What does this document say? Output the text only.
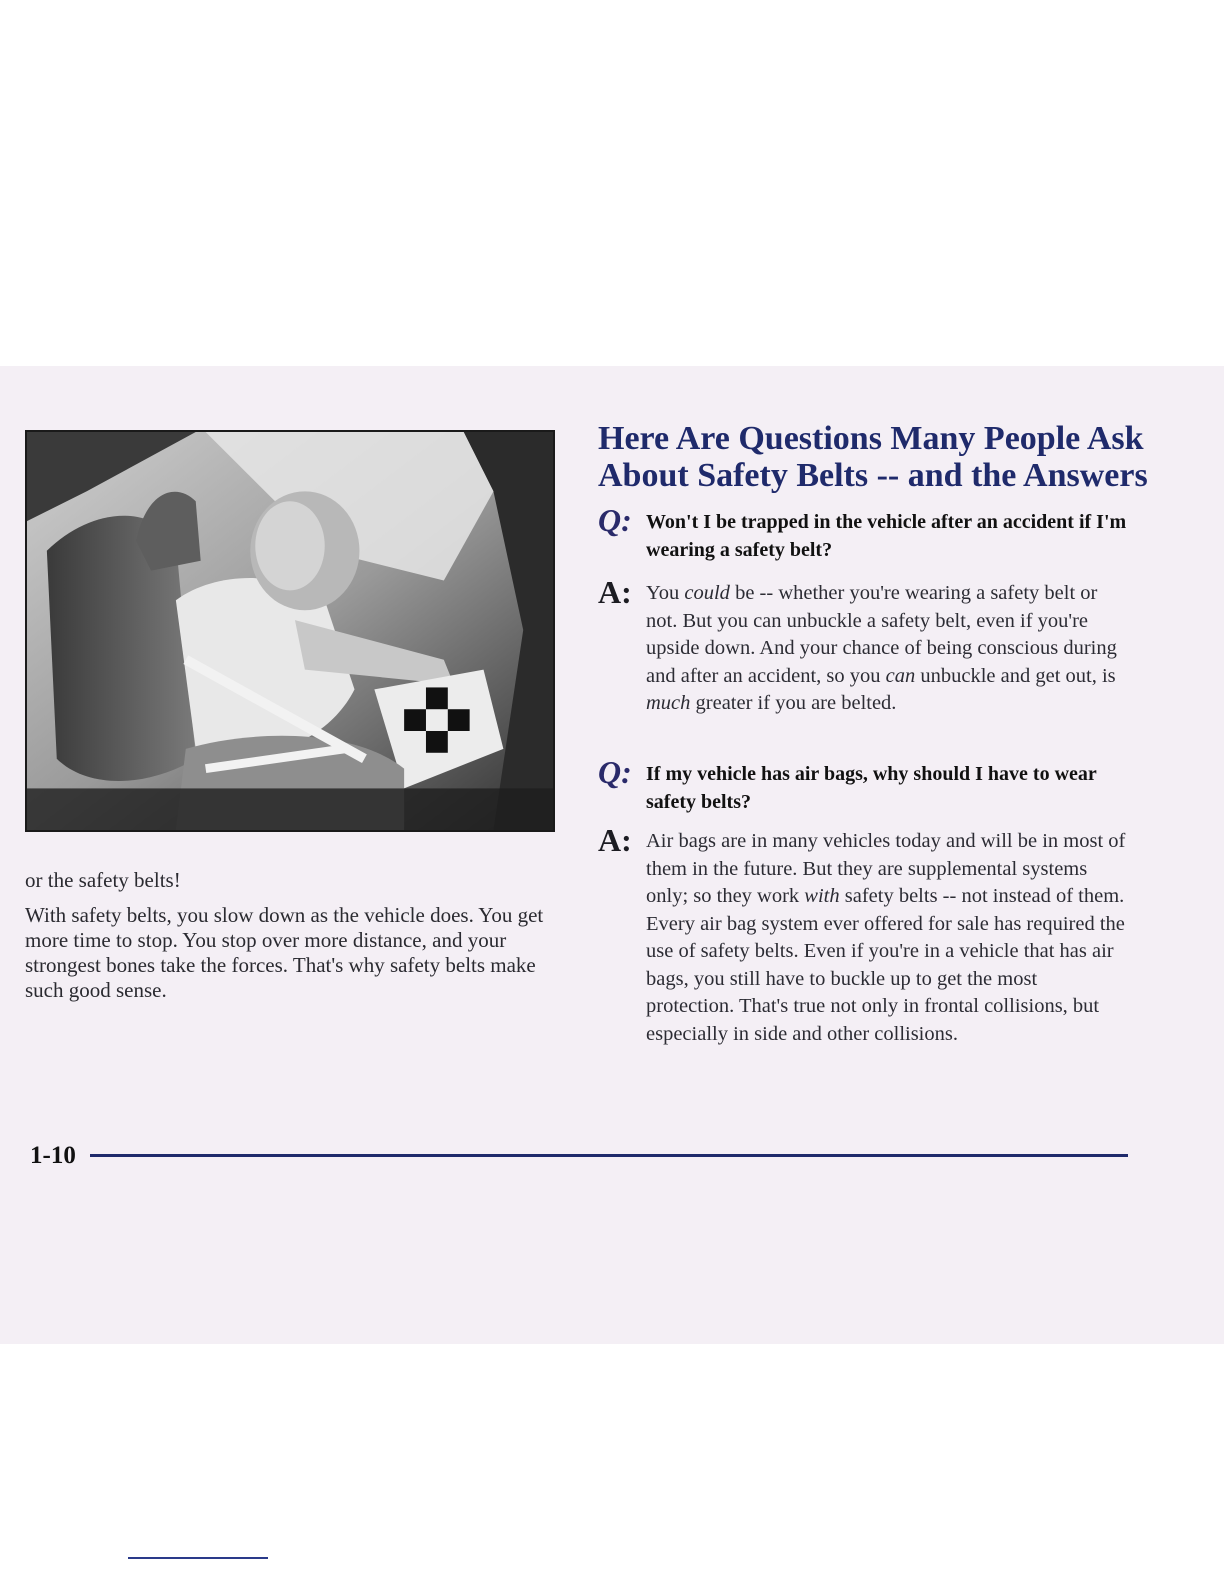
or the safety belts!

With safety belts, you slow down as the vehicle does. You get more time to stop. You stop over more distance, and your strongest bones take the forces. That's why safety belts make such good sense.

Here Are Questions Many People Ask
About Safety Belts -- and the Answers
Q: Won't I be trapped in the vehicle after an accident if I'm wearing a safety belt?
A: You could be -- whether you're wearing a safety belt or not. But you can unbuckle a safety belt, even if you're upside down. And your chance of being conscious during and after an accident, so you can unbuckle and get out, is much greater if you are belted.
Q: If my vehicle has air bags, why should I have to wear safety belts?
A: Air bags are in many vehicles today and will be in most of them in the future. But they are supplemental systems only; so they work with safety belts -- not instead of them. Every air bag system ever offered for sale has required the use of safety belts. Even if you're in a vehicle that has air bags, you still have to buckle up to get the most protection. That's true not only in frontal collisions, but especially in side and other collisions.
1-10
